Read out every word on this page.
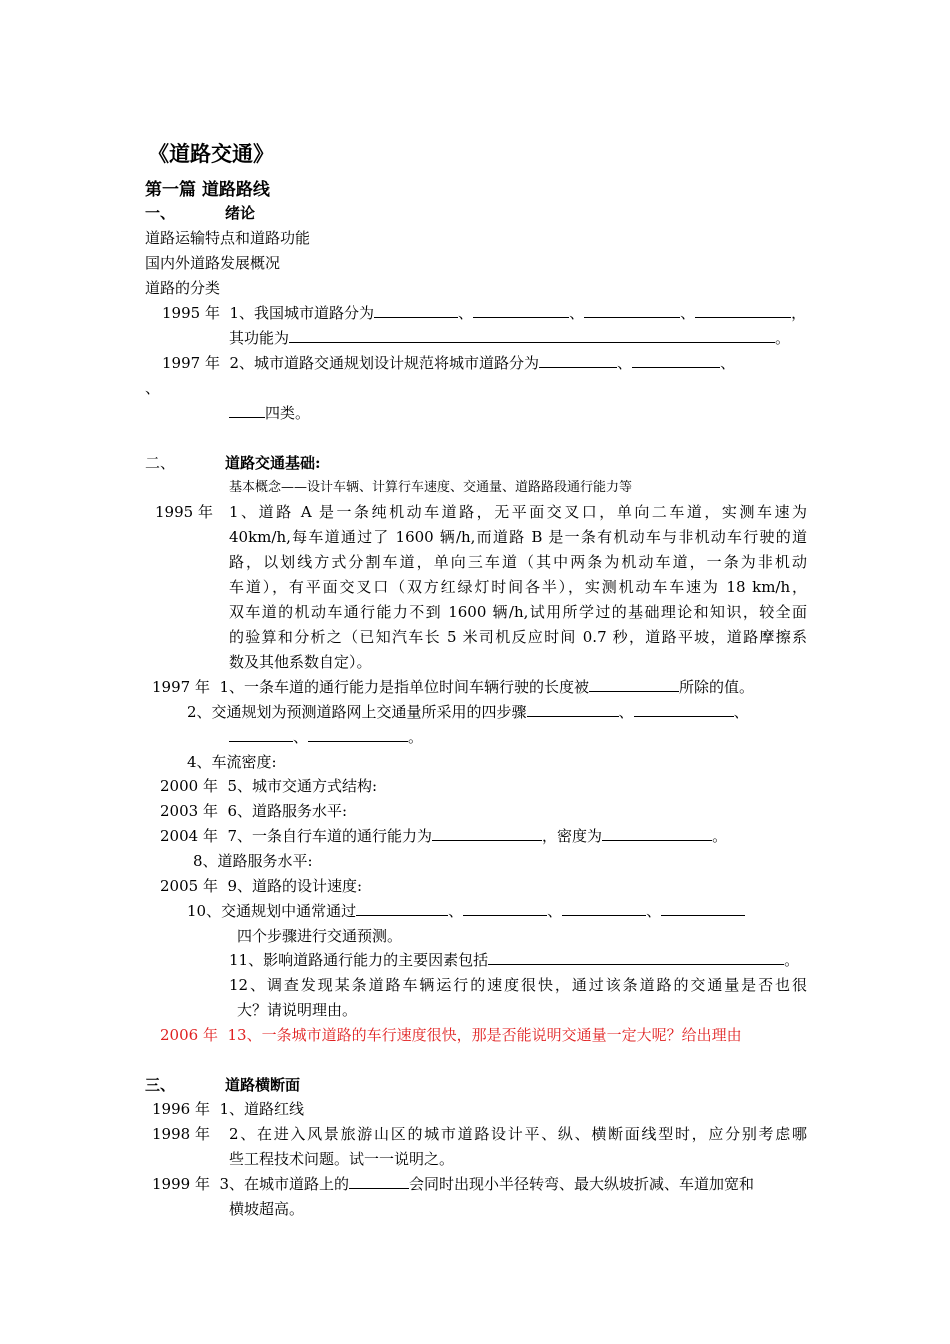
《道路交通》
第一篇 道路路线
一、	绪论
道路运输特点和道路功能
国内外道路发展概况
道路的分类
1995 年 1、我国城市道路分为	、	、	、	，
其功能为	。
1997 年 2、城市道路交通规划设计规范将城市道路分为	、	、
、
四类。
二、	道路交通基础:
基本概念——设计车辆、计算行车速度、交通量、道路路段通行能力等
1995 年 1、道路 A 是一条纯机动车道路，无平面交叉口，单向二车道，实测车速为
40km/h,每车道通过了 1600 辆/h,而道路 B 是一条有机动车与非机动车行驶的道
路，以划线方式分割车道，单向三车道（其中两条为机动车道，一条为非机动
车道），有平面交叉口（双方红绿灯时间各半），实测机动车车速为 18 km/h，
双车道的机动车通行能力不到 1600 辆/h,试用所学过的基础理论和知识，较全面
的验算和分析之（已知汽车长 5 米司机反应时间 0.7 秒，道路平坡，道路摩擦系
数及其他系数自定）。
1997 年 1、一条车道的通行能力是指单位时间车辆行驶的长度被	所除的值。
2、交通规划为预测道路网上交通量所采用的四步骤	、	、
、	。
4、车流密度:
2000 年 5、城市交通方式结构:
2003 年 6、道路服务水平:
2004 年 7、一条自行车道的通行能力为	，密度为	。
8、道路服务水平:
2005 年 9、道路的设计速度:
10、交通规划中通常通过	、	、	、
四个步骤进行交通预测。
11、影响道路通行能力的主要因素包括	。
12、调查发现某条道路车辆运行的速度很快，通过该条道路的交通量是否也很
大？请说明理由。
2006 年 13、一条城市道路的车行速度很快，那是否能说明交通量一定大呢？给出理由
三、	道路横断面
1996 年 1、道路红线
1998 年 2、在进入风景旅游山区的城市道路设计平、纵、横断面线型时，应分别考虑哪
些工程技术问题。试一一说明之。
1999 年 3、在城市道路上的	会同时出现小半径转弯、最大纵坡折减、车道加宽和
横坡超高。
